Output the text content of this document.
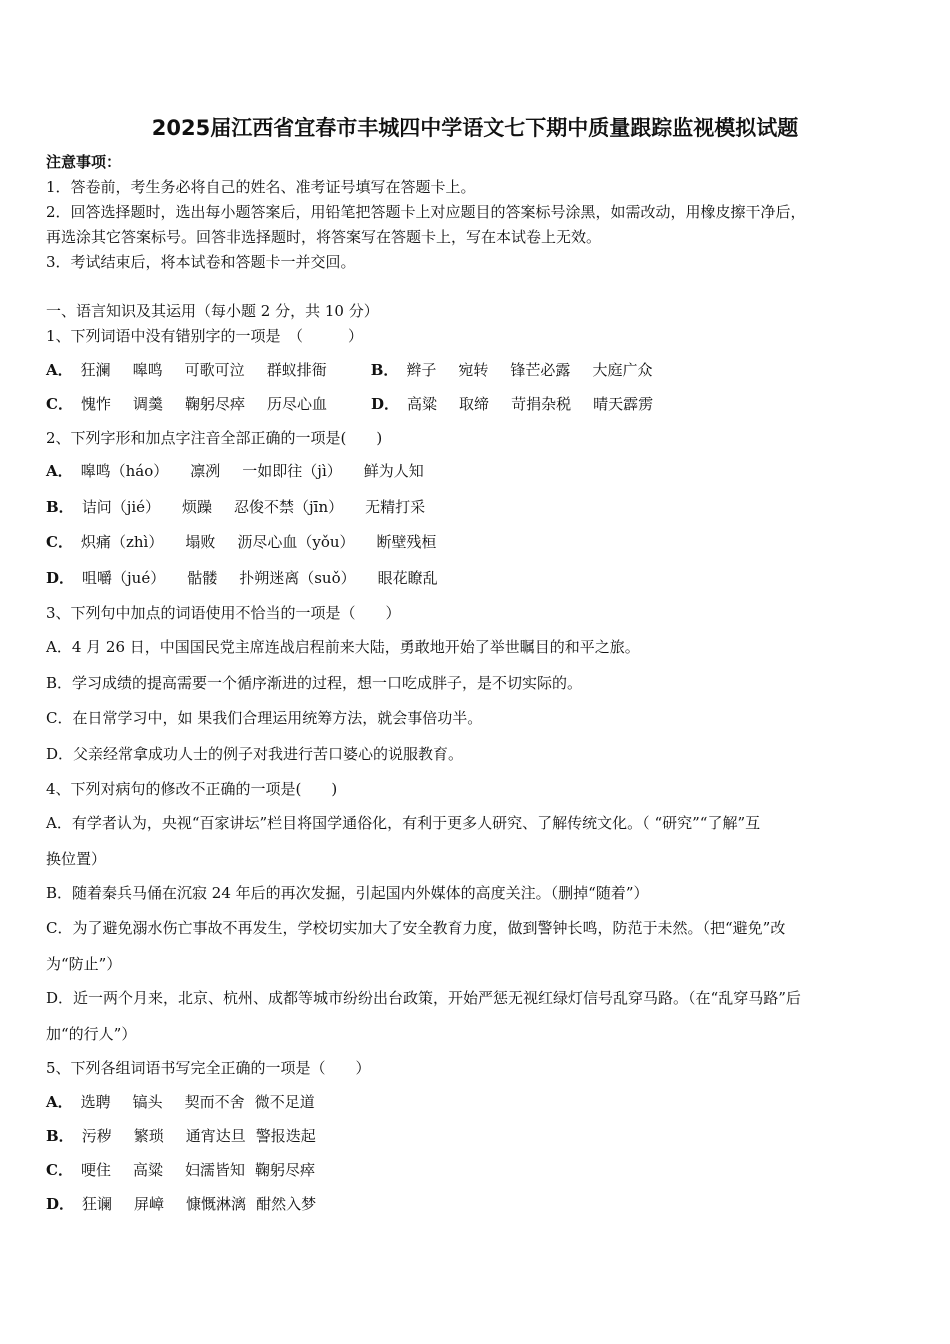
2025届江西省宜春市丰城四中学语文七下期中质量跟踪监视模拟试题
注意事项：
1．答卷前，考生务必将自己的姓名、准考证号填写在答题卡上。
2．回答选择题时，选出每小题答案后，用铅笔把答题卡上对应题目的答案标号涂黑，如需改动，用橡皮擦干净后，
再选涂其它答案标号。回答非选择题时，将答案写在答题卡上，写在本试卷上无效。
3．考试结束后，将本试卷和答题卡一并交回。
一、语言知识及其运用（每小题 2 分，共 10 分）
1、下列词语中没有错别字的一项是　（　　　）
A． 狂澜 嗥鸣 可歌可泣 群蚁排衙	B． 辫子 宛转 锋芒必露 大庭广众
C． 愧怍 调羹 鞠躬尽瘁 历尽心血	D． 高粱 取缔 苛捐杂税 晴天霹雳
2、下列字形和加点字注音全部正确的一项是(　　)
A． 嗥鸣（háo） 凛冽 一如即往（jì） 鲜为人知
B． 诘问（jié） 烦躁 忍俊不禁（jīn） 无精打采
C． 炽痛（zhì） 塌败 沥尽心血（yǒu） 断壁残桓
D． 咀嚼（jué） 骷髅 扑朔迷离（suǒ） 眼花瞭乱
3、下列句中加点的词语使用不恰当的一项是（　　）
A．4 月 26 日，中国国民党主席连战启程前来大陆，勇敢地开始了举世瞩目的和平之旅。
B．学习成绩的提高需要一个循序渐进的过程，想一口吃成胖子，是不切实际的。
C．在日常学习中，如 果我们合理运用统筹方法，就会事倍功半。
D．父亲经常拿成功人士的例子对我进行苦口婆心的说服教育。
4、下列对病句的修改不正确的一项是(　　)
A．有学者认为，央视“百家讲坛”栏目将国学通俗化，有利于更多人研究、了解传统文化。（ “研究”“了解”互
换位置）
B．随着秦兵马俑在沉寂 24 年后的再次发掘，引起国内外媒体的高度关注。（删掉“随着”）
C．为了避免溺水伤亡事故不再发生，学校切实加大了安全教育力度，做到警钟长鸣，防范于未然。（把“避免”改
为“防止”）
D．近一两个月来，北京、杭州、成都等城市纷纷出台政策，开始严惩无视红绿灯信号乱穿马路。（在“乱穿马路”后
加“的行人”）
5、下列各组词语书写完全正确的一项是（　　）
A． 选聘 镐头 契而不舍 微不足道
B． 污秽 繁琐 通宵达旦 警报迭起
C． 哽住 高粱 妇濡皆知 鞠躬尽瘁
D． 狂谰 屏嶂 慷慨淋漓 酣然入梦
